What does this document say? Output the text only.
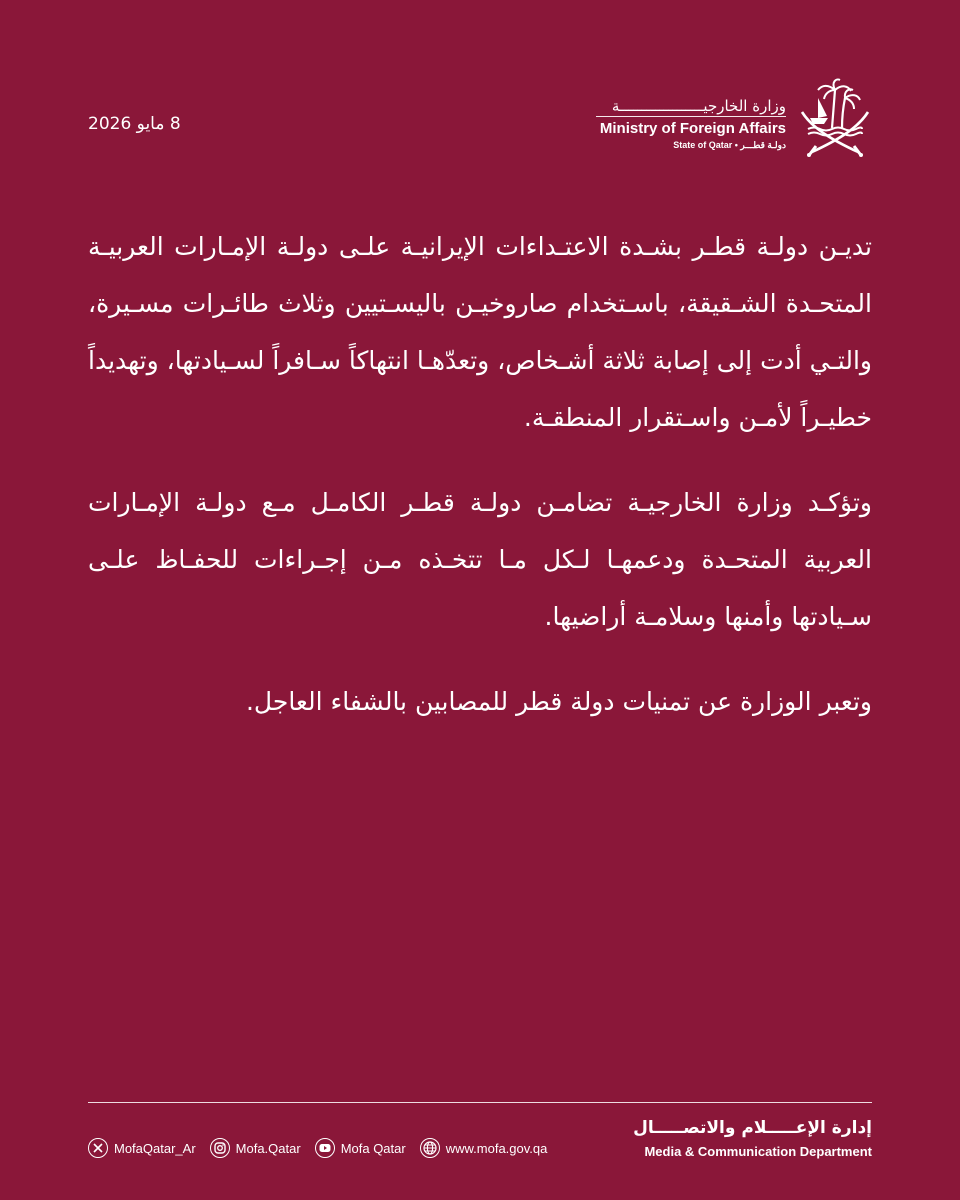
8 مايو 2026
وزارة الخارجيـــــــــــــــــــة
Ministry of Foreign Affairs
State of Qatar • دولـة قطـــر

تديـن دولـة قطـر بشـدة الاعتـداءات الإيرانيـة علـى دولـة الإمـارات العربيـة المتحـدة الشـقيقة، باسـتخدام صاروخيـن باليسـتيين وثلاث طائـرات مسـيرة، والتـي أدت إلى إصابة ثلاثة أشـخاص، وتعدّهـا انتهاكاً سـافراً لسـيادتها، وتهديداً خطيـراً لأمـن واسـتقرار المنطقـة.

وتؤكـد وزارة الخارجيـة تضامـن دولـة قطـر الكامـل مـع دولـة الإمـارات العربية المتحـدة ودعمهـا لـكل مـا تتخـذه مـن إجـراءات للحفـاظ علـى سـيادتها وأمنها وسلامـة أراضيها.

وتعبر الوزارة عن تمنيات دولة قطر للمصابين بالشفاء العاجل.

إدارة الإعـــــلام والاتصـــــال
Media & Communication Department
MofaQatar_Ar	Mofa.Qatar	Mofa Qatar	www.mofa.gov.qa
